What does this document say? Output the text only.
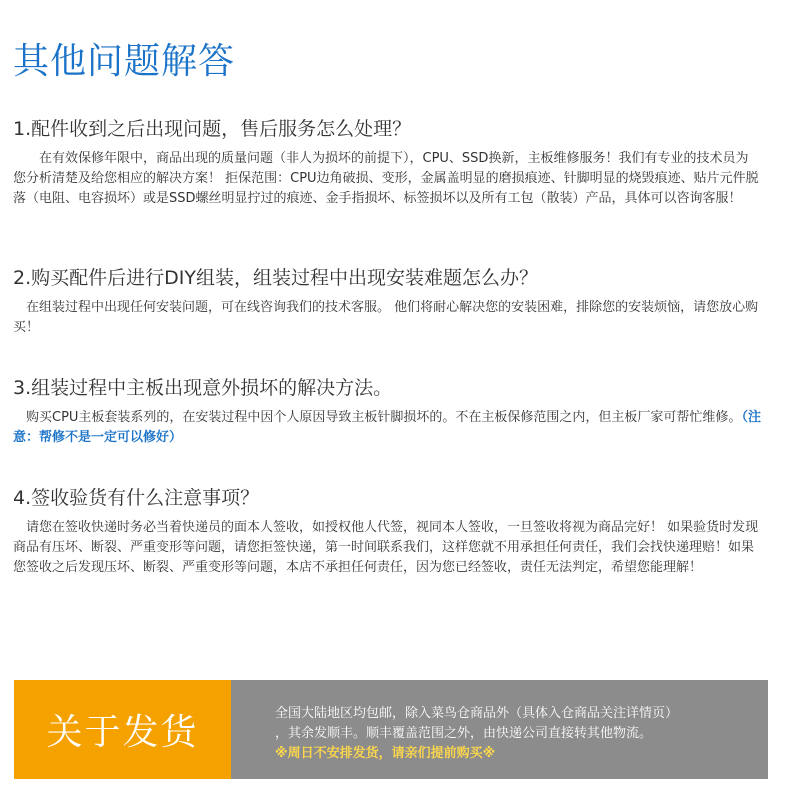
其他问题解答
1.配件收到之后出现问题，售后服务怎么处理？

　　在有效保修年限中，商品出现的质量问题（非人为损坏的前提下），CPU、SSD换新，主板维修服务！我们有专业的技术员为您分析清楚及给您相应的解决方案！ 拒保范围：CPU边角破损、变形，金属盖明显的磨损痕迹、针脚明显的烧毁痕迹、贴片元件脱落（电阻、电容损坏）或是SSD螺丝明显拧过的痕迹、金手指损坏、标签损坏以及所有工包（散装）产品，具体可以咨询客服！

2.购买配件后进行DIY组装，组装过程中出现安装难题怎么办？

　在组装过程中出现任何安装问题，可在线咨询我们的技术客服。 他们将耐心解决您的安装困难，排除您的安装烦恼，请您放心购买！

3.组装过程中主板出现意外损坏的解决方法。

　购买CPU主板套装系列的，在安装过程中因个人原因导致主板针脚损坏的。不在主板保修范围之内，但主板厂家可帮忙维修。（注意：帮修不是一定可以修好）

4.签收验货有什么注意事项？

　请您在签收快递时务必当着快递员的面本人签收，如授权他人代签，视同本人签收，一旦签收将视为商品完好！ 如果验货时发现商品有压坏、断裂、严重变形等问题，请您拒签快递，第一时间联系我们，这样您就不用承担任何责任，我们会找快递理赔！如果您签收之后发现压坏、断裂、严重变形等问题，本店不承担任何责任，因为您已经签收，责任无法判定，希望您能理解！

关于发货	全国大陆地区均包邮，除入菜鸟仓商品外（具体入仓商品关注详情页）
，其余发顺丰。顺丰覆盖范围之外，由快递公司直接转其他物流。
※周日不安排发货，请亲们提前购买※
